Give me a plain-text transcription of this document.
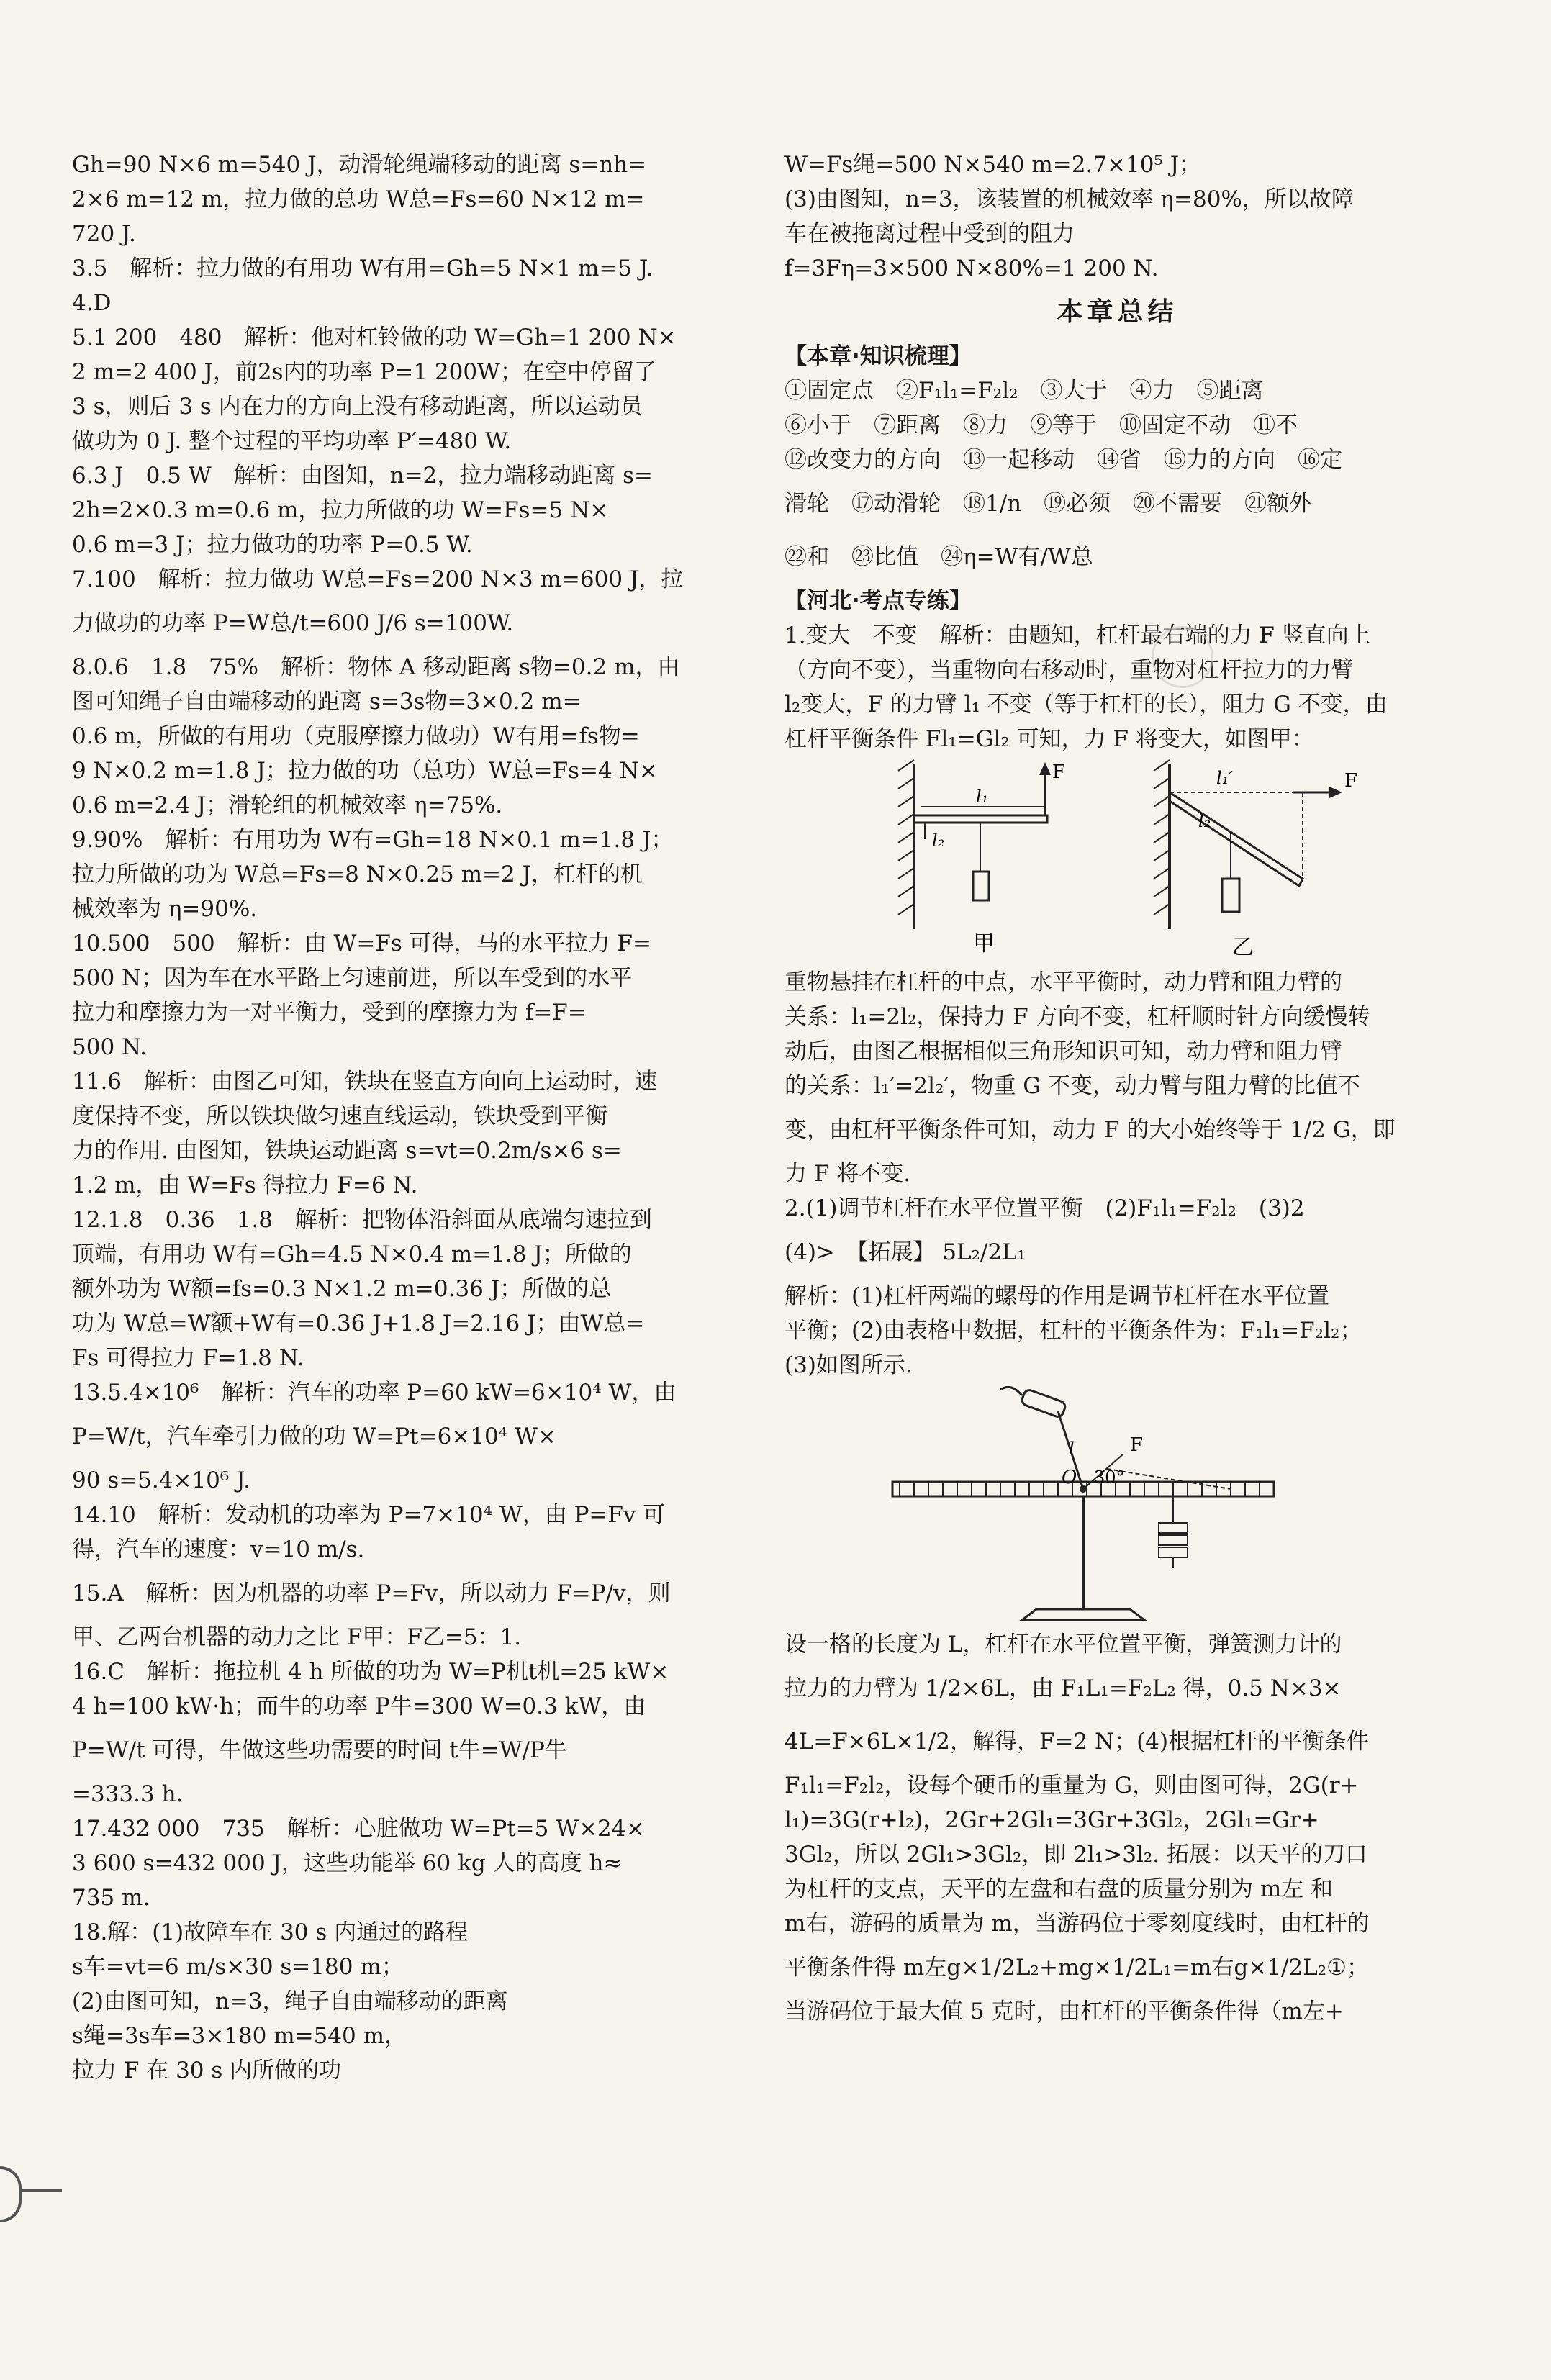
Gh=90 N×6 m=540 J，动滑轮绳端移动的距离 s=nh=
2×6 m=12 m，拉力做的总功 W总=Fs=60 N×12 m=
720 J.
3.5　解析：拉力做的有用功 W有用=Gh=5 N×1 m=5 J.
4.D
5.1 200　480　解析：他对杠铃做的功 W=Gh=1 200 N×
2 m=2 400 J，前2s内的功率 P=1 200W；在空中停留了
3 s，则后 3 s 内在力的方向上没有移动距离，所以运动员
做功为 0 J. 整个过程的平均功率 P′=480 W.
6.3 J　0.5 W　解析：由图知，n=2，拉力端移动距离 s=
2h=2×0.3 m=0.6 m，拉力所做的功 W=Fs=5 N×
0.6 m=3 J；拉力做功的功率 P=0.5 W.
7.100　解析：拉力做功 W总=Fs=200 N×3 m=600 J，拉
力做功的功率 P=W总/t=600 J/6 s=100W.
8.0.6　1.8　75%　解析：物体 A 移动距离 s物=0.2 m，由
图可知绳子自由端移动的距离 s=3s物=3×0.2 m=
0.6 m，所做的有用功（克服摩擦力做功）W有用=fs物=
9 N×0.2 m=1.8 J；拉力做的功（总功）W总=Fs=4 N×
0.6 m=2.4 J；滑轮组的机械效率 η=75%.
9.90%　解析：有用功为 W有=Gh=18 N×0.1 m=1.8 J；
拉力所做的功为 W总=Fs=8 N×0.25 m=2 J，杠杆的机
械效率为 η=90%.
10.500　500　解析：由 W=Fs 可得，马的水平拉力 F=
500 N；因为车在水平路上匀速前进，所以车受到的水平
拉力和摩擦力为一对平衡力，受到的摩擦力为 f=F=
500 N.
11.6　解析：由图乙可知，铁块在竖直方向向上运动时，速
度保持不变，所以铁块做匀速直线运动，铁块受到平衡
力的作用. 由图知，铁块运动距离 s=vt=0.2m/s×6 s=
1.2 m，由 W=Fs 得拉力 F=6 N.
12.1.8　0.36　1.8　解析：把物体沿斜面从底端匀速拉到
顶端，有用功 W有=Gh=4.5 N×0.4 m=1.8 J；所做的
额外功为 W额=fs=0.3 N×1.2 m=0.36 J；所做的总
功为 W总=W额+W有=0.36 J+1.8 J=2.16 J；由W总=
Fs 可得拉力 F=1.8 N.
13.5.4×10⁶　解析：汽车的功率 P=60 kW=6×10⁴ W，由
P=W/t，汽车牵引力做的功 W=Pt=6×10⁴ W×
90 s=5.4×10⁶ J.
14.10　解析：发动机的功率为 P=7×10⁴ W，由 P=Fv 可
得，汽车的速度：v=10 m/s.
15.A　解析：因为机器的功率 P=Fv，所以动力 F=P/v，则
甲、乙两台机器的动力之比 F甲：F乙=5：1.
16.C　解析：拖拉机 4 h 所做的功为 W=P机t机=25 kW×
4 h=100 kW·h；而牛的功率 P牛=300 W=0.3 kW，由
P=W/t 可得，牛做这些功需要的时间 t牛=W/P牛
=333.3 h.
17.432 000　735　解析：心脏做功 W=Pt=5 W×24×
3 600 s=432 000 J，这些功能举 60 kg 人的高度 h≈
735 m.
18.解：(1)故障车在 30 s 内通过的路程
s车=vt=6 m/s×30 s=180 m；
(2)由图可知，n=3，绳子自由端移动的距离
s绳=3s车=3×180 m=540 m，
拉力 F 在 30 s 内所做的功
W=Fs绳=500 N×540 m=2.7×10⁵ J；
(3)由图知，n=3，该装置的机械效率 η=80%，所以故障
车在被拖离过程中受到的阻力
f=3Fη=3×500 N×80%=1 200 N.
本章总结
【本章·知识梳理】
①固定点　②F₁l₁=F₂l₂　③大于　④力　⑤距离
⑥小于　⑦距离　⑧力　⑨等于　⑩固定不动　⑪不
⑫改变力的方向　⑬一起移动　⑭省　⑮力的方向　⑯定
滑轮　⑰动滑轮　⑱1/n　⑲必须　⑳不需要　㉑额外
㉒和　㉓比值　㉔η=W有/W总
【河北·考点专练】
1.变大　不变　解析：由题知，杠杆最右端的力 F 竖直向上
（方向不变），当重物向右移动时，重物对杠杆拉力的力臂
l₂变大，F 的力臂 l₁ 不变（等于杠杆的长），阻力 G 不变，由
杠杆平衡条件 Fl₁=Gl₂ 可知，力 F 将变大，如图甲：
F
l₁
l₂
甲
F
l₁′
l₂
乙
重物悬挂在杠杆的中点，水平平衡时，动力臂和阻力臂的
关系：l₁=2l₂，保持力 F 方向不变，杠杆顺时针方向缓慢转
动后，由图乙根据相似三角形知识可知，动力臂和阻力臂
的关系：l₁′=2l₂′，物重 G 不变，动力臂与阻力臂的比值不
变，由杠杆平衡条件可知，动力 F 的大小始终等于 1/2 G，即
力 F 将不变.
2.(1)调节杠杆在水平位置平衡　(2)F₁l₁=F₂l₂　(3)2
(4)>　【拓展】 5L₂/2L₁
解析：(1)杠杆两端的螺母的作用是调节杠杆在水平位置
平衡；(2)由表格中数据，杠杆的平衡条件为：F₁l₁=F₂l₂；
(3)如图所示.
F
O
l
30°
设一格的长度为 L，杠杆在水平位置平衡，弹簧测力计的
拉力的力臂为 1/2×6L，由 F₁L₁=F₂L₂ 得，0.5 N×3×
4L=F×6L×1/2，解得，F=2 N；(4)根据杠杆的平衡条件
F₁l₁=F₂l₂，设每个硬币的重量为 G，则由图可得，2G(r+
l₁)=3G(r+l₂)，2Gr+2Gl₁=3Gr+3Gl₂，2Gl₁=Gr+
3Gl₂，所以 2Gl₁>3Gl₂，即 2l₁>3l₂. 拓展：以天平的刀口
为杠杆的支点，天平的左盘和右盘的质量分别为 m左 和
m右，游码的质量为 m，当游码位于零刻度线时，由杠杆的
平衡条件得 m左g×1/2L₂+mg×1/2L₁=m右g×1/2L₂①；
当游码位于最大值 5 克时，由杠杆的平衡条件得（m左+
